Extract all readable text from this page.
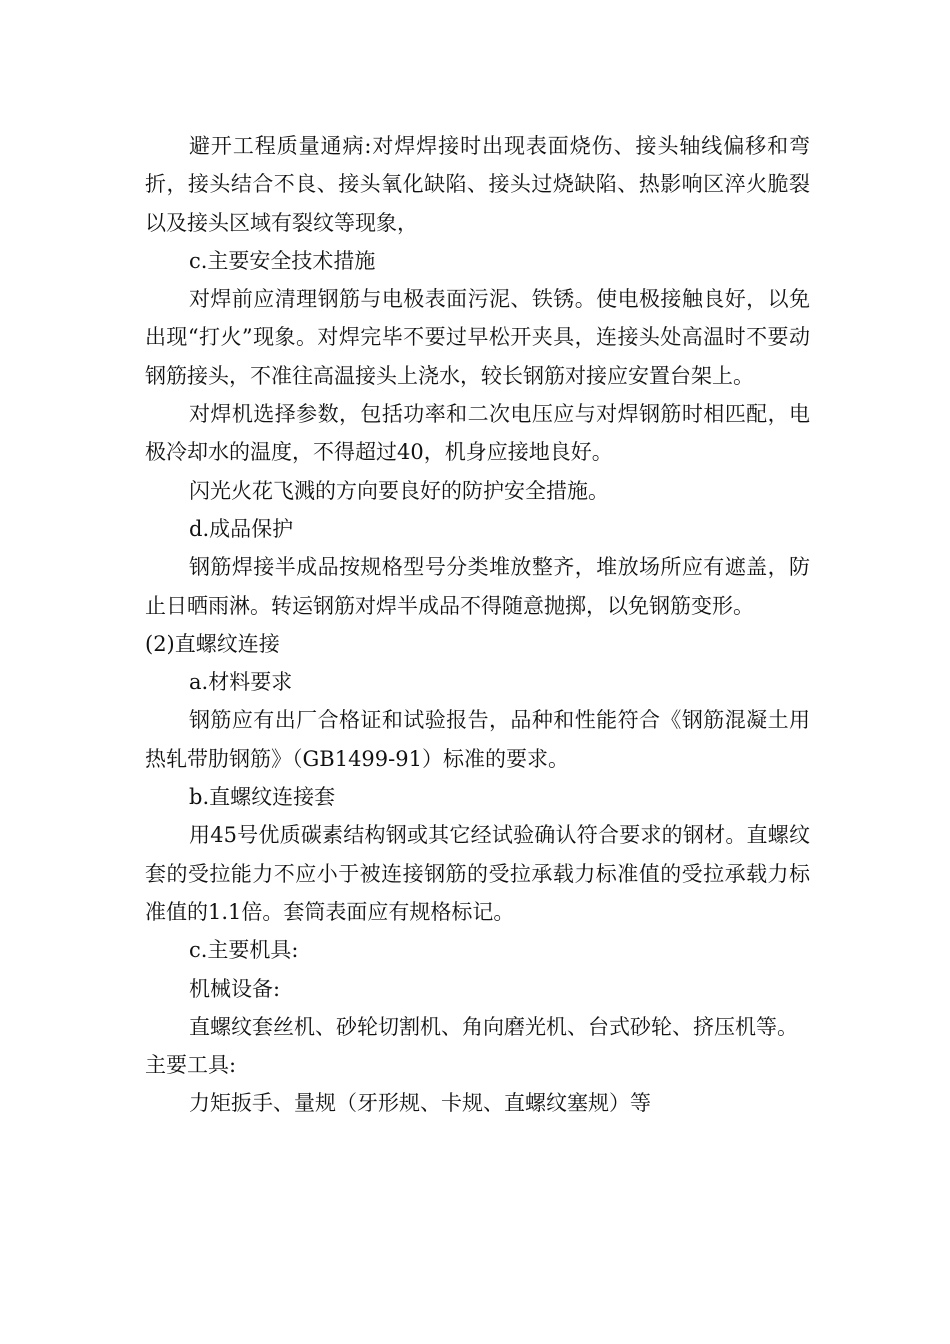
避开工程质量通病:对焊焊接时出现表面烧伤、接头轴线偏移和弯折，接头结合不良、接头氧化缺陷、接头过烧缺陷、热影响区淬火脆裂以及接头区域有裂纹等现象，

c.主要安全技术措施

对焊前应清理钢筋与电极表面污泥、铁锈。使电极接触良好，以免出现“打火”现象。对焊完毕不要过早松开夹具，连接头处高温时不要动钢筋接头，不准往高温接头上浇水，较长钢筋对接应安置台架上。

对焊机选择参数，包括功率和二次电压应与对焊钢筋时相匹配，电极冷却水的温度，不得超过40，机身应接地良好。

闪光火花飞溅的方向要良好的防护安全措施。

d.成品保护

钢筋焊接半成品按规格型号分类堆放整齐，堆放场所应有遮盖，防止日晒雨淋。转运钢筋对焊半成品不得随意抛掷，以免钢筋变形。

(2)直螺纹连接

a.材料要求

钢筋应有出厂合格证和试验报告，品种和性能符合《钢筋混凝土用热轧带肋钢筋》（GB1499-91）标准的要求。

b.直螺纹连接套

用45号优质碳素结构钢或其它经试验确认符合要求的钢材。直螺纹套的受拉能力不应小于被连接钢筋的受拉承载力标准值的受拉承载力标准值的1.1倍。套筒表面应有规格标记。

c.主要机具:

机械设备:

直螺纹套丝机、砂轮切割机、角向磨光机、台式砂轮、挤压机等。

主要工具:

力矩扳手、量规（牙形规、卡规、直螺纹塞规）等
